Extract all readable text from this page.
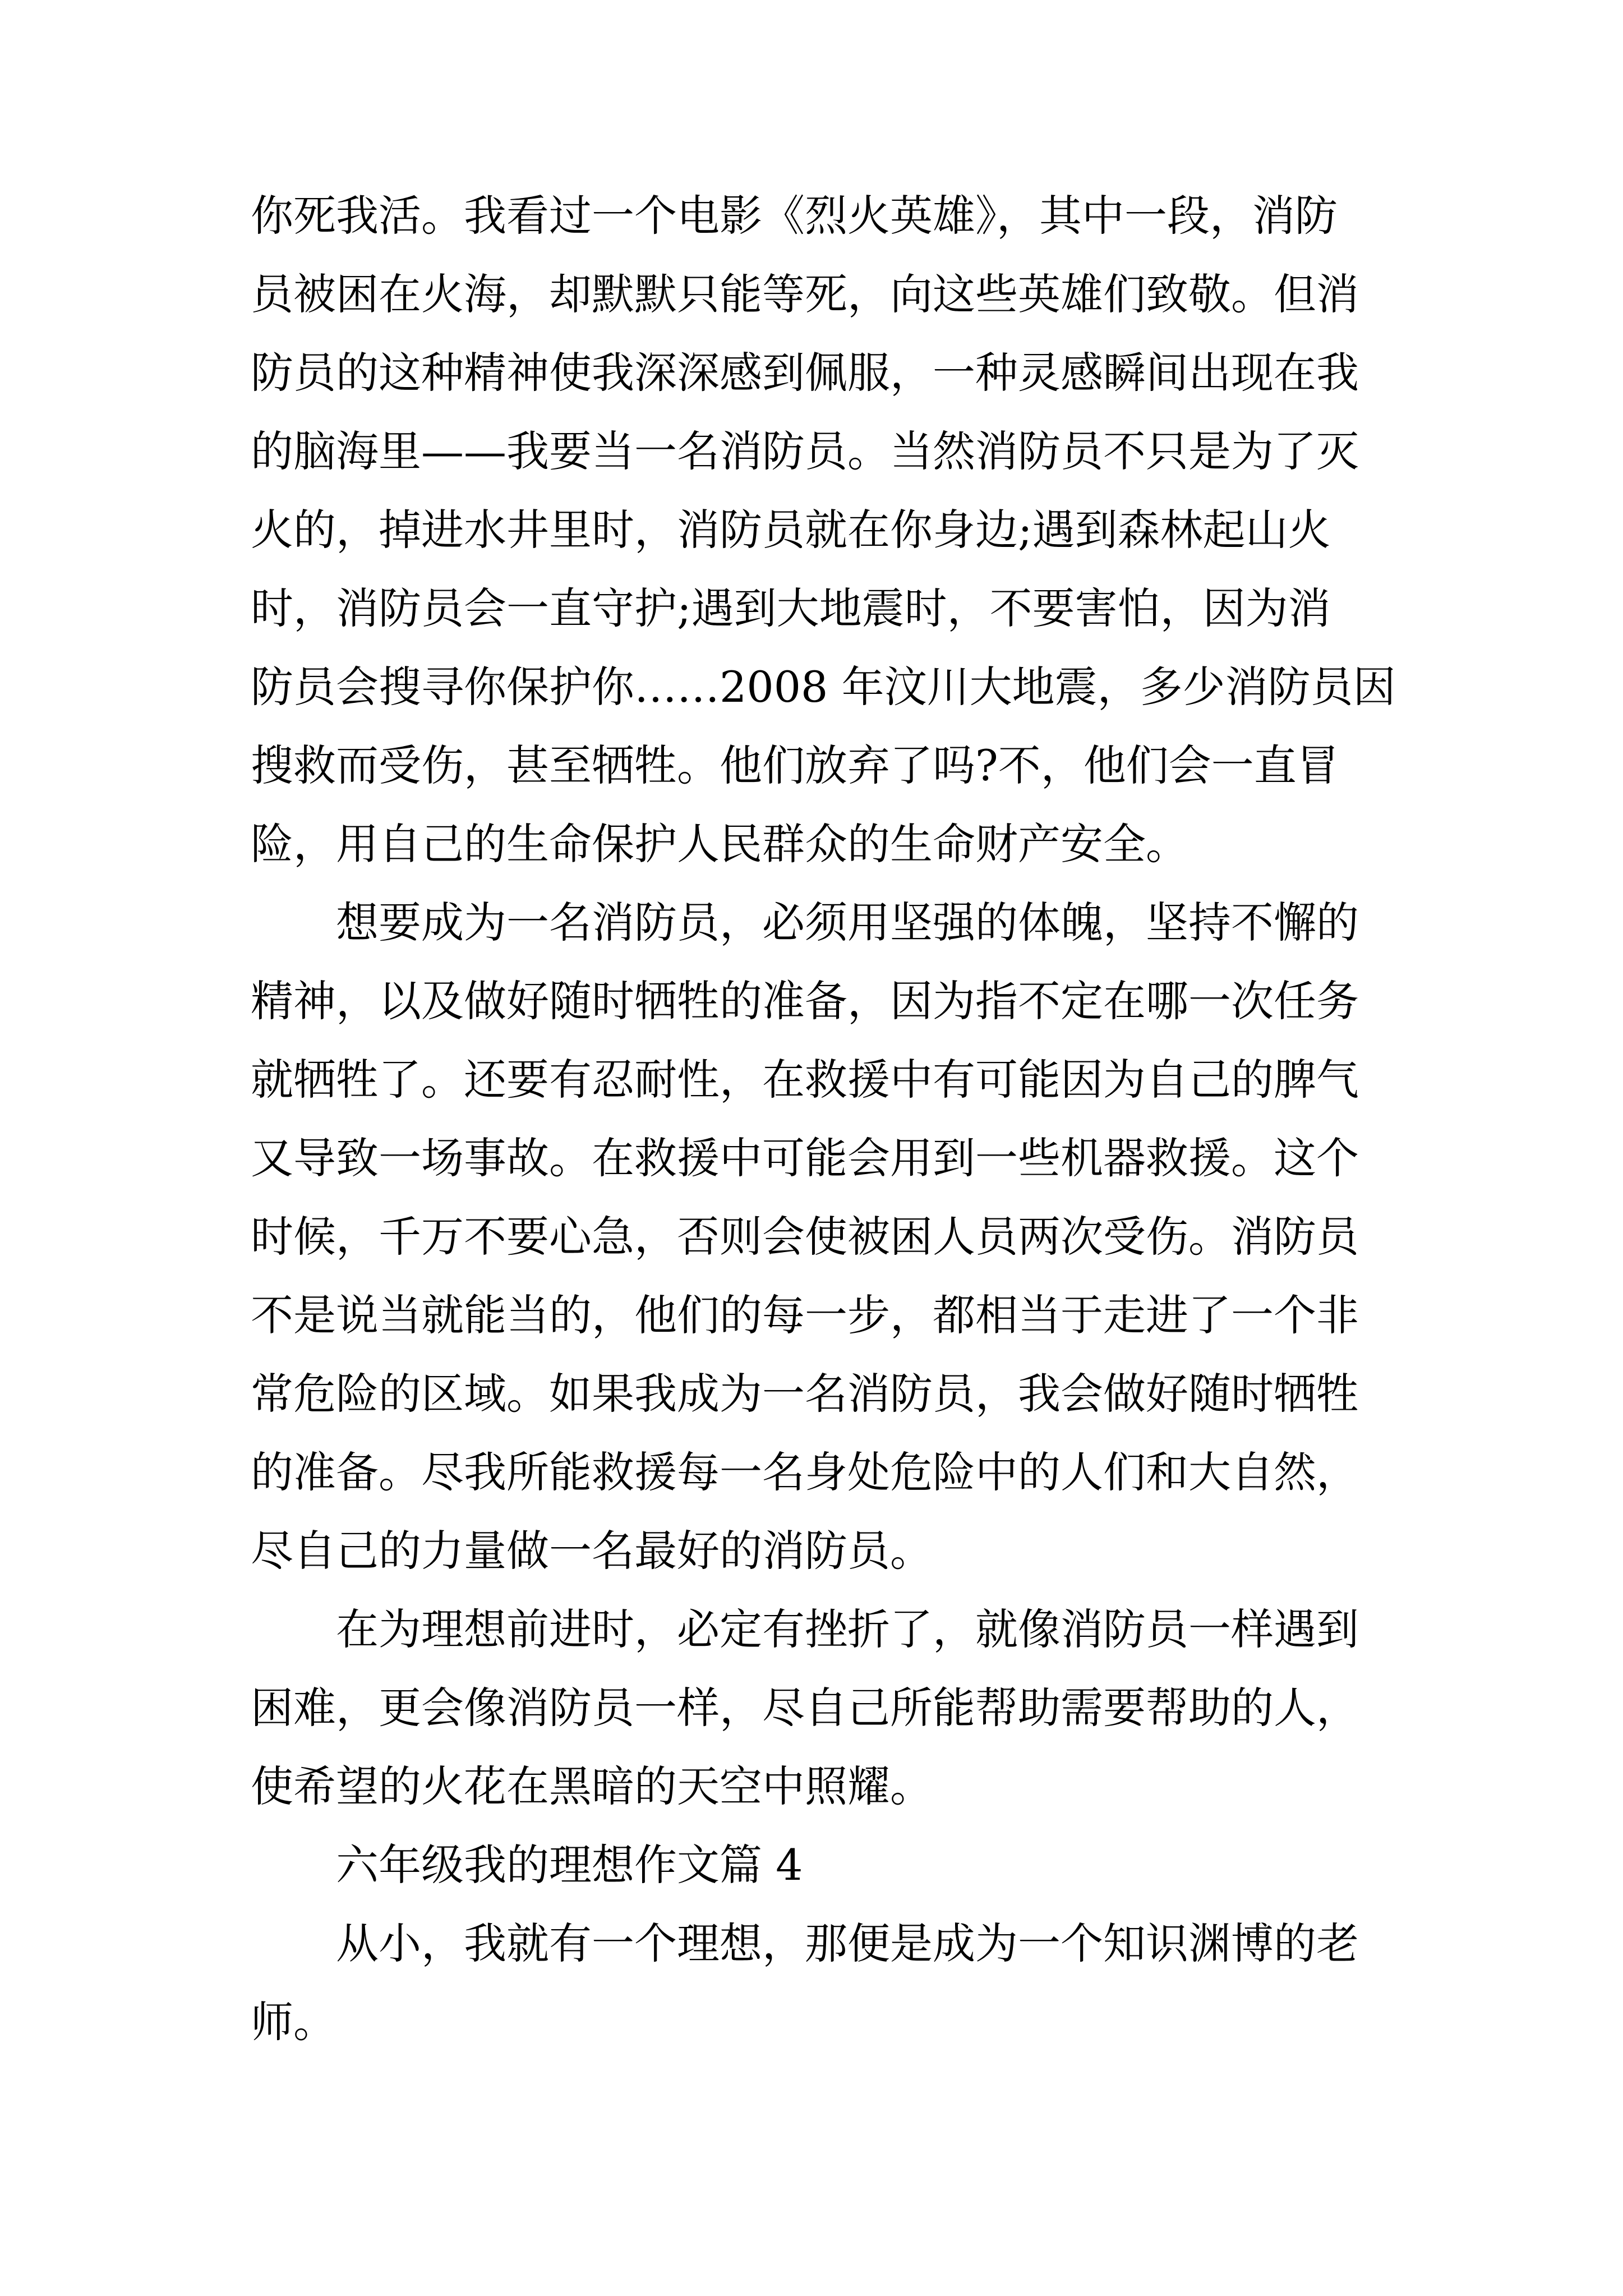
你死我活。我看过一个电影《烈火英雄》，其中一段，消防
员被困在火海，却默默只能等死，向这些英雄们致敬。但消
防员的这种精神使我深深感到佩服，一种灵感瞬间出现在我
的脑海里——我要当一名消防员。当然消防员不只是为了灭
火的，掉进水井里时，消防员就在你身边;遇到森林起山火
时，消防员会一直守护;遇到大地震时，不要害怕，因为消
防员会搜寻你保护你……2008 年汶川大地震，多少消防员因
搜救而受伤，甚至牺牲。他们放弃了吗?不，他们会一直冒
险，用自己的生命保护人民群众的生命财产安全。
想要成为一名消防员，必须用坚强的体魄，坚持不懈的
精神，以及做好随时牺牲的准备，因为指不定在哪一次任务
就牺牲了。还要有忍耐性，在救援中有可能因为自己的脾气
又导致一场事故。在救援中可能会用到一些机器救援。这个
时候，千万不要心急，否则会使被困人员两次受伤。消防员
不是说当就能当的，他们的每一步，都相当于走进了一个非
常危险的区域。如果我成为一名消防员，我会做好随时牺牲
的准备。尽我所能救援每一名身处危险中的人们和大自然，
尽自己的力量做一名最好的消防员。
在为理想前进时，必定有挫折了，就像消防员一样遇到
困难，更会像消防员一样，尽自己所能帮助需要帮助的人，
使希望的火花在黑暗的天空中照耀。
六年级我的理想作文篇 4
从小，我就有一个理想，那便是成为一个知识渊博的老
师。
